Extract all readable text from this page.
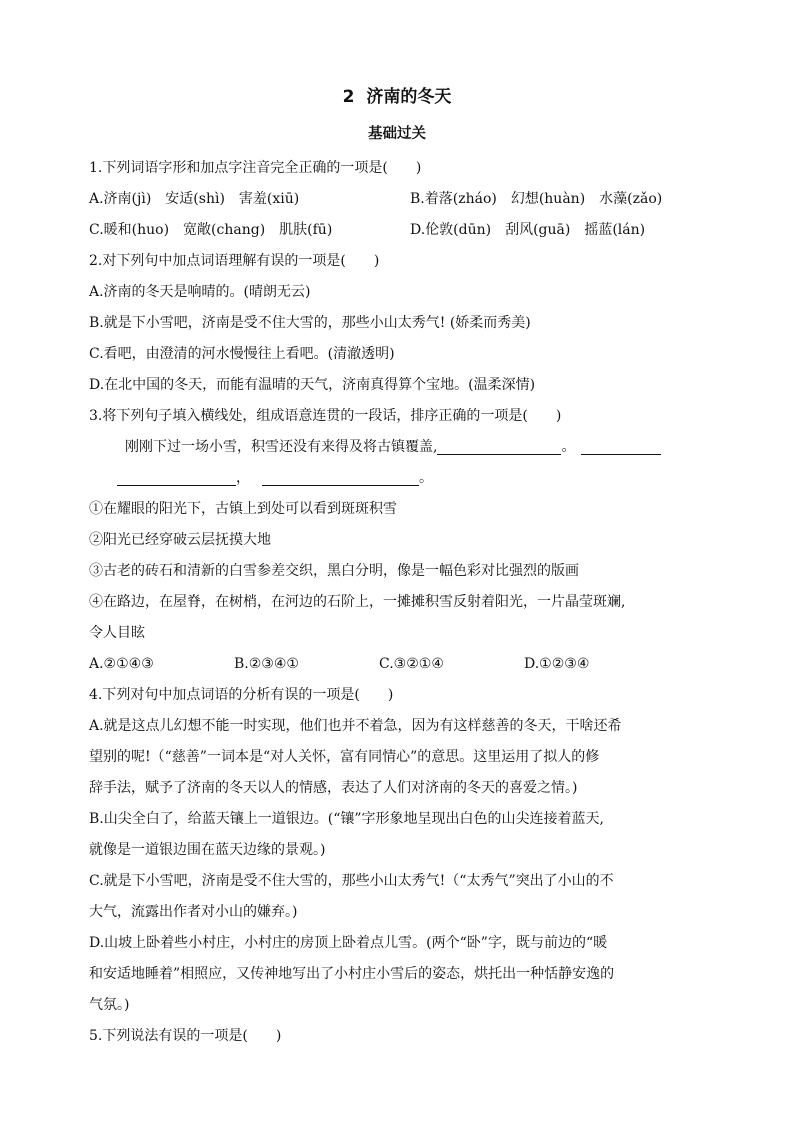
2 济南的冬天
基础过关
1.下列词语字形和加点字注音完全正确的一项是(　　)
A.济南(jì)　安适(shì)　害羞(xiū)	B.着落(zháo)　幻想(huàn)　水藻(zǎo)
C.暖和(huo)　宽敞(chang)　肌肤(fū)	D.伦敦(dūn)　刮风(guā)　摇蓝(lán)
2.对下列句中加点词语理解有误的一项是(　　)
A.济南的冬天是响晴的。(晴朗无云)
B.就是下小雪吧，济南是受不住大雪的，那些小山太秀气! (娇柔而秀美)
C.看吧，由澄清的河水慢慢往上看吧。(清澈透明)
D.在北中国的冬天，而能有温晴的天气，济南真得算个宝地。(温柔深情)
3.将下列句子填入横线处，组成语意连贯的一段话，排序正确的一项是(　　)
刚刚下过一场小雪，积雪还没有来得及将古镇覆盖,	。
，	。
①在耀眼的阳光下，古镇上到处可以看到斑斑积雪
②阳光已经穿破云层抚摸大地
③古老的砖石和清新的白雪参差交织，黑白分明，像是一幅色彩对比强烈的版画
④在路边，在屋脊，在树梢，在河边的石阶上，一摊摊积雪反射着阳光，一片晶莹斑斓,
令人目眩
A.②①④③	B.②③④①	C.③②①④	D.①②③④
4.下列对句中加点词语的分析有误的一项是(　　)
A.就是这点儿幻想不能一时实现，他们也并不着急，因为有这样慈善的冬天，干啥还希
望别的呢!（“慈善”一词本是“对人关怀，富有同情心”的意思。这里运用了拟人的修
辞手法，赋予了济南的冬天以人的情感，表达了人们对济南的冬天的喜爱之情。)
B.山尖全白了，给蓝天镶上一道银边。(“镶”字形象地呈现出白色的山尖连接着蓝天,
就像是一道银边围在蓝天边缘的景观。)
C.就是下小雪吧，济南是受不住大雪的，那些小山太秀气!（“太秀气”突出了小山的不
大气，流露出作者对小山的嫌弃。)
D.山坡上卧着些小村庄，小村庄的房顶上卧着点儿雪。(两个“卧”字，既与前边的“暖
和安适地睡着”相照应，又传神地写出了小村庄小雪后的姿态，烘托出一种恬静安逸的
气氛。)
5.下列说法有误的一项是(　　)
